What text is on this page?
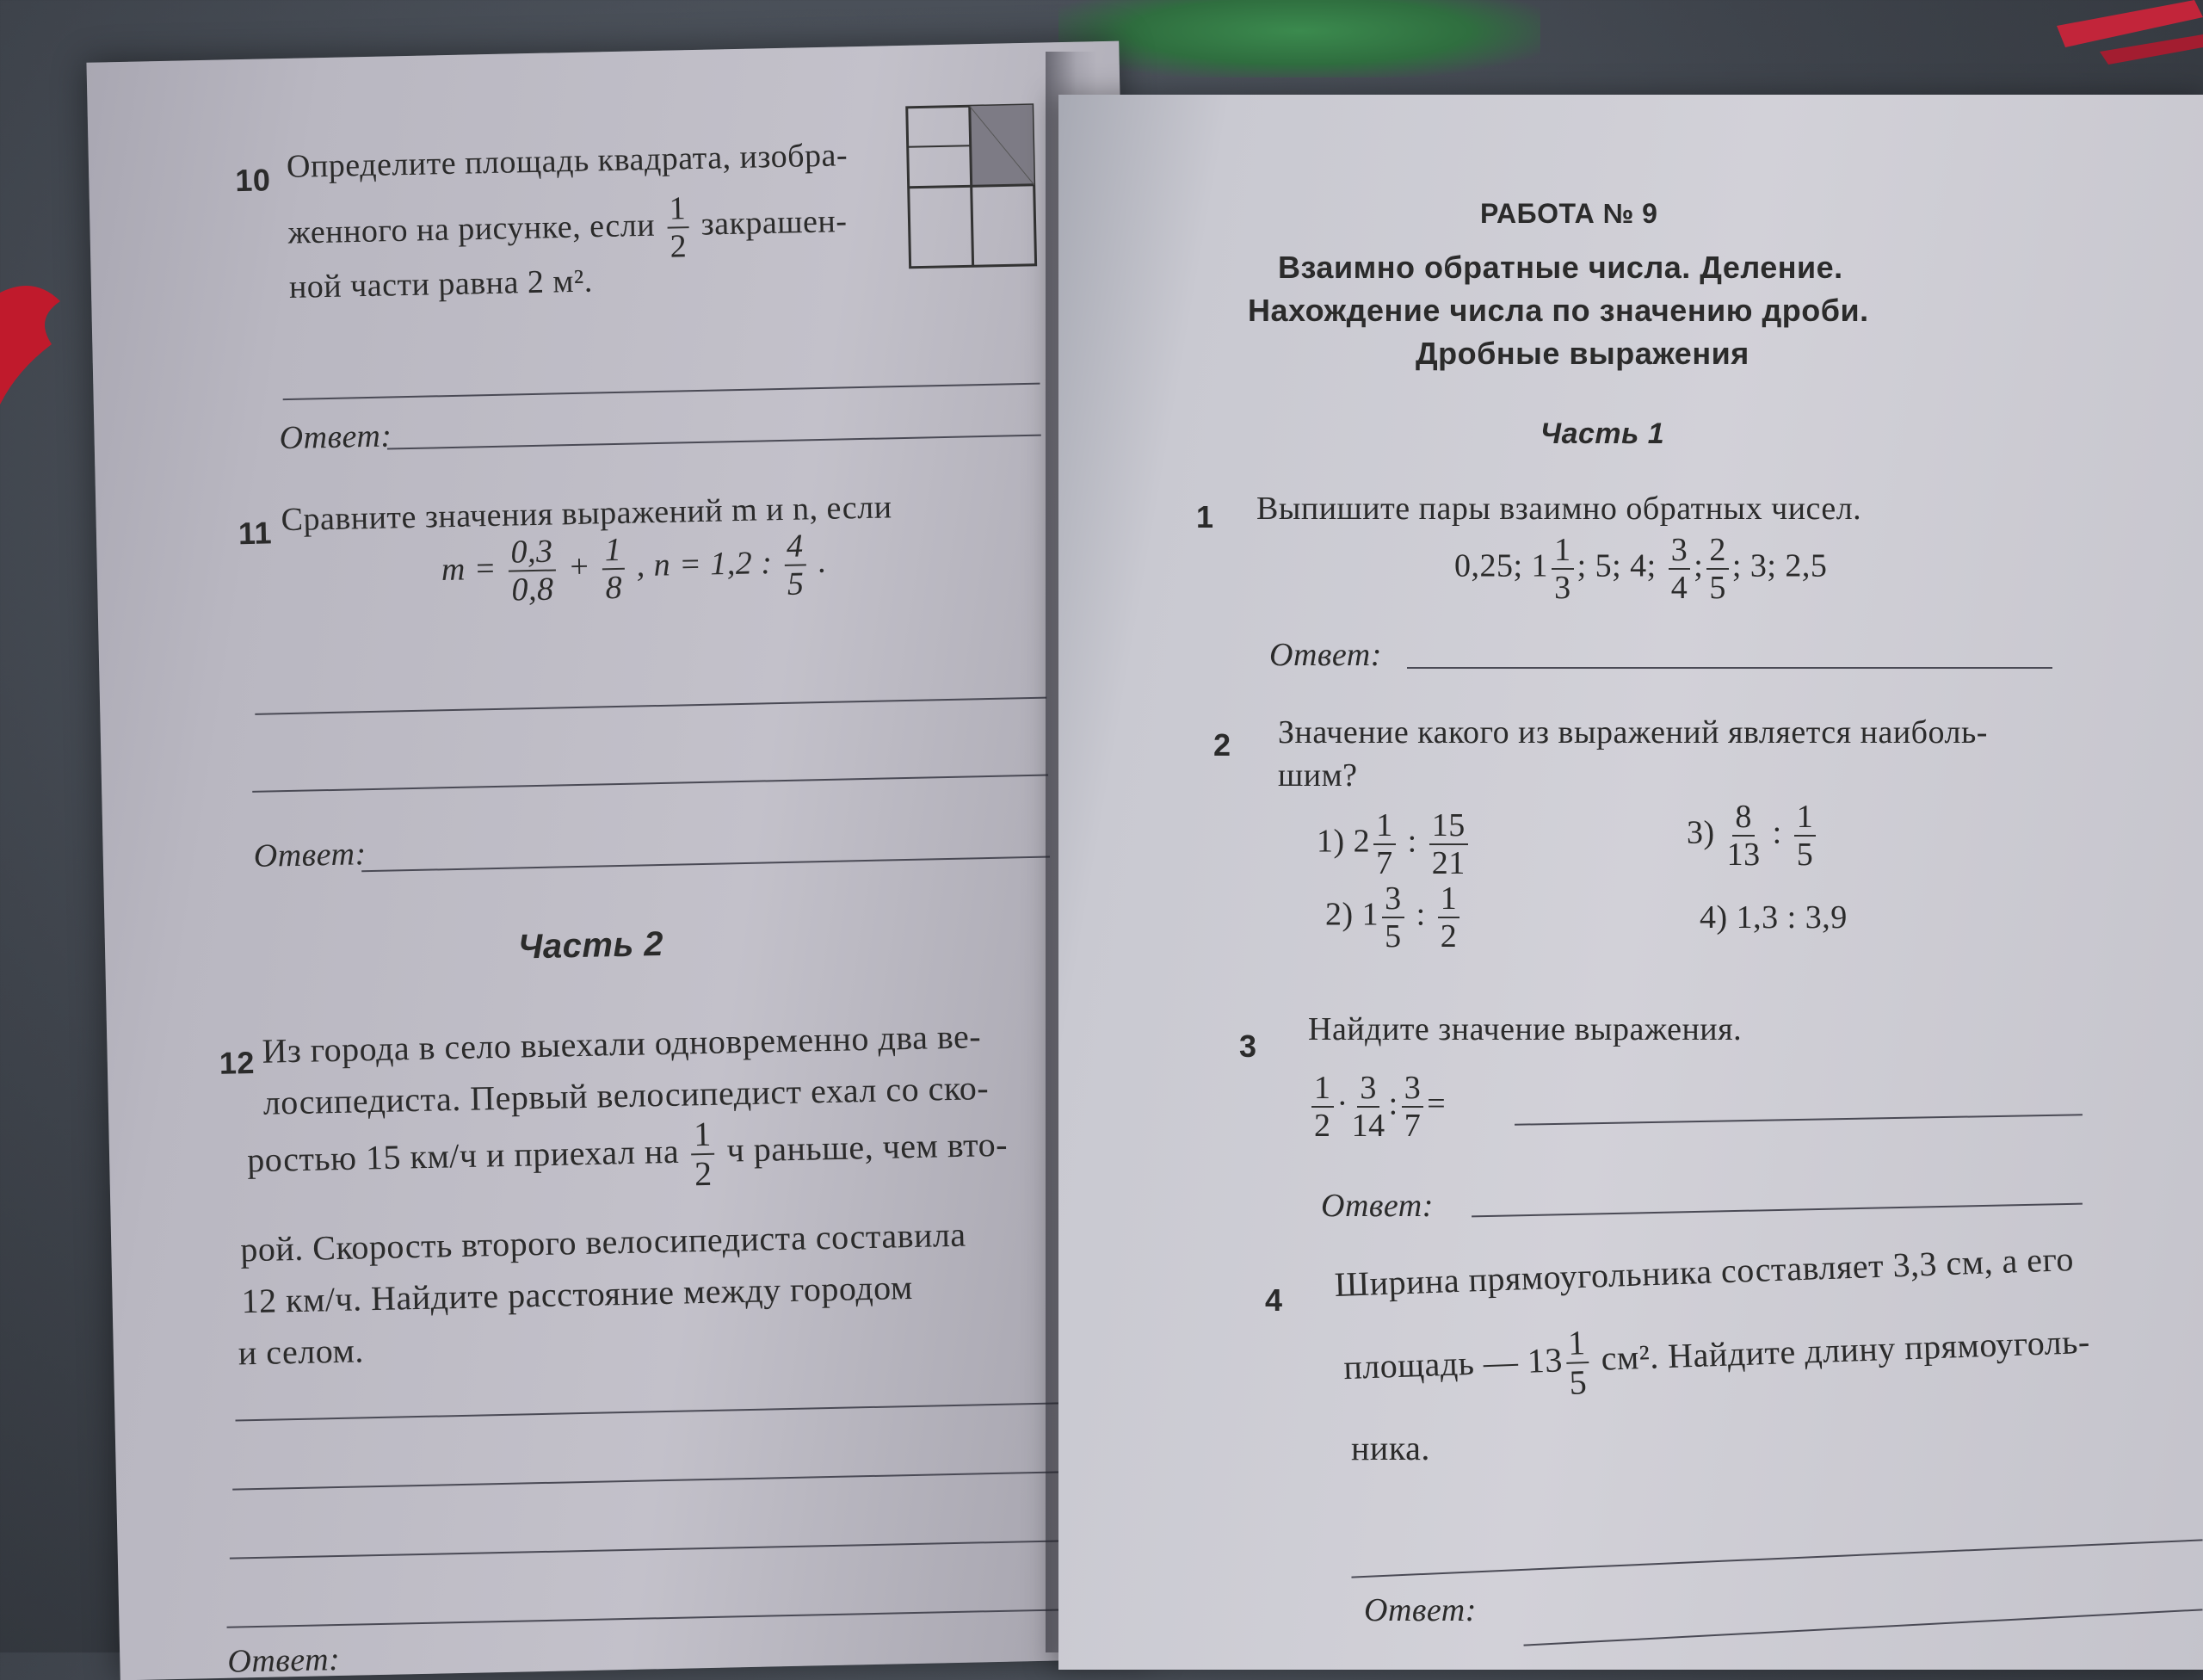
10 Определите площадь квадрата, изобра-
женного на рисунке, если $\frac{1}{2}$ закрашен-
ной части равна 2 м².
Ответ:
11 Сравните значения выражений m и n, если
$m = \frac{0,3}{0,8} + \frac{1}{8}$ , n = 1,2 : $\frac{4}{5}$ .
Ответ:
Часть 2
12 Из города в село выехали одновременно два ве-
лосипедиста. Первый велосипедист ехал со ско-
ростью 15 км/ч и приехал на $\frac{1}{2}$ ч раньше, чем вто-
рой. Скорость второго велосипедиста составила
12 км/ч. Найдите расстояние между городом
и селом.
Ответ:
РАБОТА № 9
Взаимно обратные числа. Деление.
Нахождение числа по значению дроби.
Дробные выражения
Часть 1
1 Выпишите пары взаимно обратных чисел.
0,25; $1 \frac{1}{3}$ ; 5; 4; $\frac{3}{4}$ ; $\frac{2}{5}$ ; 3; 2,5
Ответ:
2 Значение какого из выражений является наиболь-
шим?
1) $2 \frac{1}{7}$ : $\frac{15}{21}$	$3) \frac{8}{13}$ : $\frac{1}{5}$
2) $1 \frac{3}{5}$ : $\frac{1}{2}$	4) 1,3 : 3,9
3 Найдите значение выражения.
$\frac{1}{2} \cdot \frac{3}{14}$ : $\frac{3}{7}$ =
Ответ:
4 Ширина прямоугольника составляет 3,3 см, а его
площадь — $13 \frac{1}{5} см^2$. Найдите длину прямоуголь-
ника.
Ответ:
